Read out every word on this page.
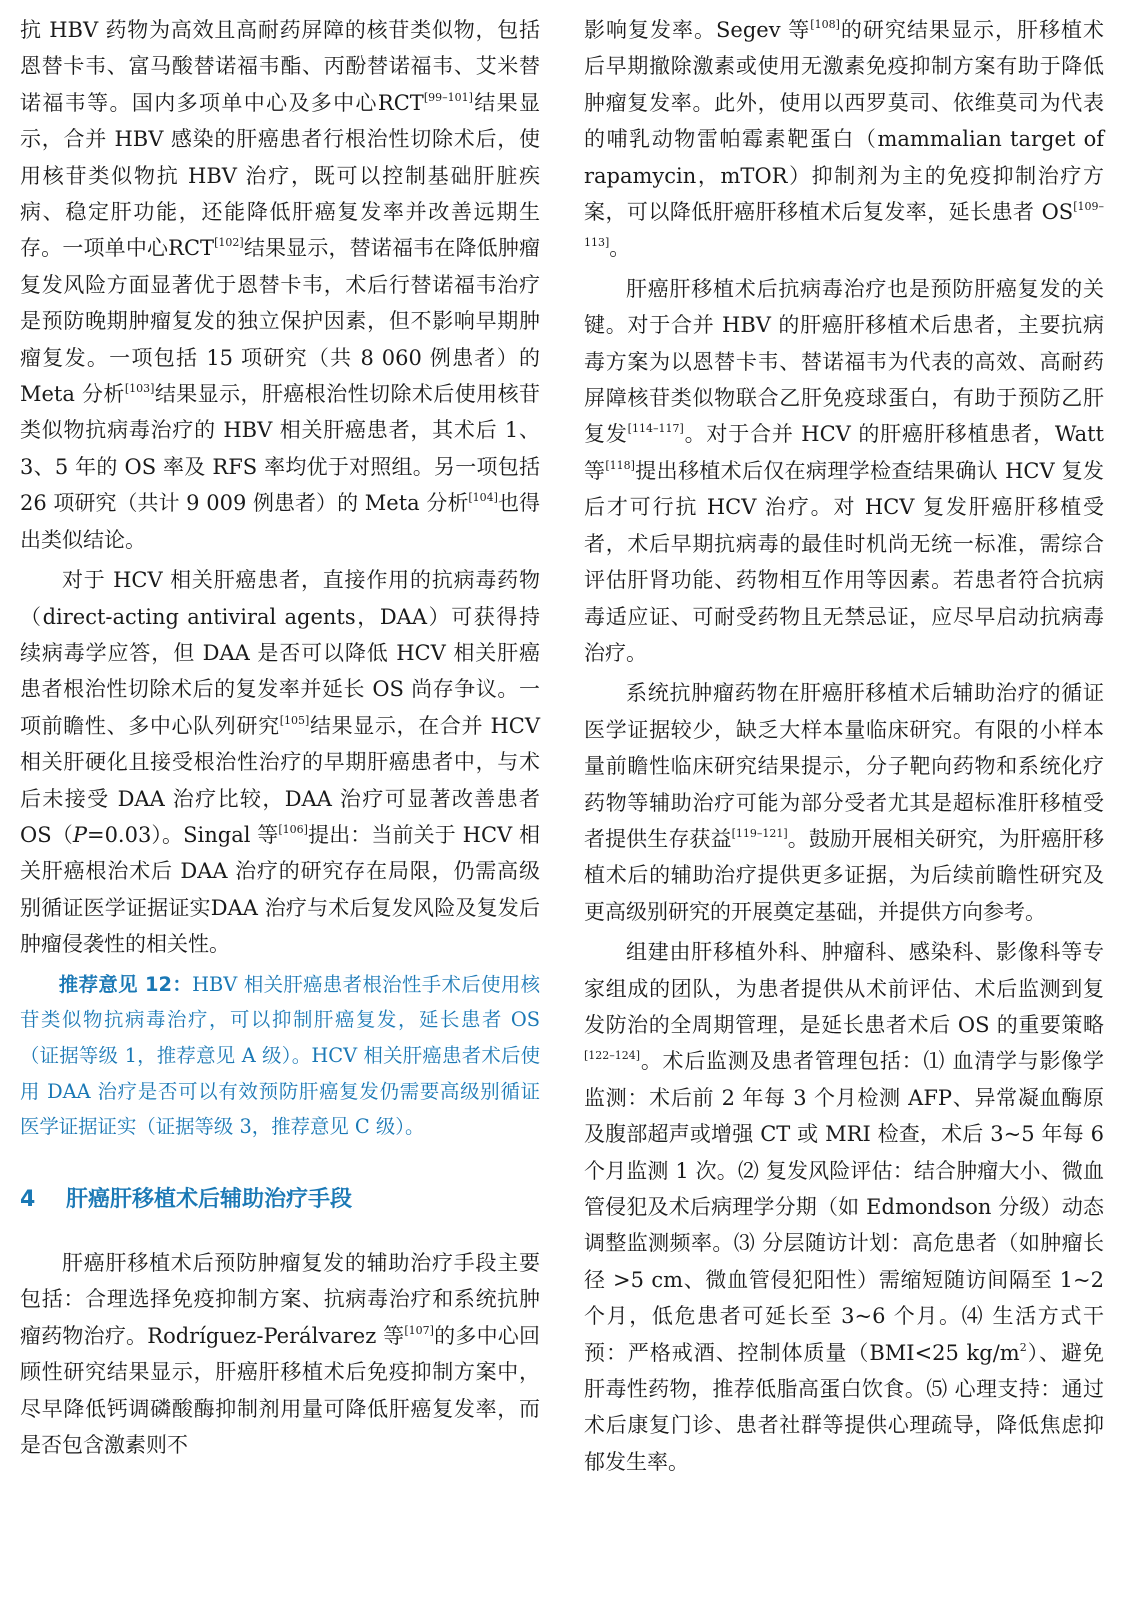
抗 HBV 药物为高效且高耐药屏障的核苷类似物，包括恩替卡韦、富马酸替诺福韦酯、丙酚替诺福韦、艾米替诺福韦等。国内多项单中心及多中心RCT[99–101]结果显示，合并 HBV 感染的肝癌患者行根治性切除术后，使用核苷类似物抗 HBV 治疗，既可以控制基础肝脏疾病、稳定肝功能，还能降低肝癌复发率并改善远期生存。一项单中心RCT[102]结果显示，替诺福韦在降低肿瘤复发风险方面显著优于恩替卡韦，术后行替诺福韦治疗是预防晚期肿瘤复发的独立保护因素，但不影响早期肿瘤复发。一项包括 15 项研究（共 8 060 例患者）的 Meta 分析[103]结果显示，肝癌根治性切除术后使用核苷类似物抗病毒治疗的 HBV 相关肝癌患者，其术后 1、3、5 年的 OS 率及 RFS 率均优于对照组。另一项包括 26 项研究（共计 9 009 例患者）的 Meta 分析[104]也得出类似结论。

对于 HCV 相关肝癌患者，直接作用的抗病毒药物（direct-acting antiviral agents，DAA）可获得持续病毒学应答，但 DAA 是否可以降低 HCV 相关肝癌患者根治性切除术后的复发率并延长 OS 尚存争议。一项前瞻性、多中心队列研究[105]结果显示，在合并 HCV 相关肝硬化且接受根治性治疗的早期肝癌患者中，与术后未接受 DAA 治疗比较，DAA 治疗可显著改善患者 OS（P=0.03）。Singal 等[106]提出：当前关于 HCV 相关肝癌根治术后 DAA 治疗的研究存在局限，仍需高级别循证医学证据证实DAA 治疗与术后复发风险及复发后肿瘤侵袭性的相关性。

推荐意见 12：HBV 相关肝癌患者根治性手术后使用核苷类似物抗病毒治疗，可以抑制肝癌复发，延长患者 OS（证据等级 1，推荐意见 A 级）。HCV 相关肝癌患者术后使用 DAA 治疗是否可以有效预防肝癌复发仍需要高级别循证医学证据证实（证据等级 3，推荐意见 C 级）。

4 肝癌肝移植术后辅助治疗手段

肝癌肝移植术后预防肿瘤复发的辅助治疗手段主要包括：合理选择免疫抑制方案、抗病毒治疗和系统抗肿瘤药物治疗。Rodríguez-Perálvarez 等[107]的多中心回顾性研究结果显示，肝癌肝移植术后免疫抑制方案中，尽早降低钙调磷酸酶抑制剂用量可降低肝癌复发率，而是否包含激素则不

影响复发率。Segev 等[108]的研究结果显示，肝移植术后早期撤除激素或使用无激素免疫抑制方案有助于降低肿瘤复发率。此外，使用以西罗莫司、依维莫司为代表的哺乳动物雷帕霉素靶蛋白（mammalian target of rapamycin，mTOR）抑制剂为主的免疫抑制治疗方案，可以降低肝癌肝移植术后复发率，延长患者 OS[109–113]。

肝癌肝移植术后抗病毒治疗也是预防肝癌复发的关键。对于合并 HBV 的肝癌肝移植术后患者，主要抗病毒方案为以恩替卡韦、替诺福韦为代表的高效、高耐药屏障核苷类似物联合乙肝免疫球蛋白，有助于预防乙肝复发[114–117]。对于合并 HCV 的肝癌肝移植患者，Watt 等[118]提出移植术后仅在病理学检查结果确认 HCV 复发后才可行抗 HCV 治疗。对 HCV 复发肝癌肝移植受者，术后早期抗病毒的最佳时机尚无统一标准，需综合评估肝肾功能、药物相互作用等因素。若患者符合抗病毒适应证、可耐受药物且无禁忌证，应尽早启动抗病毒治疗。

系统抗肿瘤药物在肝癌肝移植术后辅助治疗的循证医学证据较少，缺乏大样本量临床研究。有限的小样本量前瞻性临床研究结果提示，分子靶向药物和系统化疗药物等辅助治疗可能为部分受者尤其是超标准肝移植受者提供生存获益[119–121]。鼓励开展相关研究，为肝癌肝移植术后的辅助治疗提供更多证据，为后续前瞻性研究及更高级别研究的开展奠定基础，并提供方向参考。

组建由肝移植外科、肿瘤科、感染科、影像科等专家组成的团队，为患者提供从术前评估、术后监测到复发防治的全周期管理，是延长患者术后 OS 的重要策略[122–124]。术后监测及患者管理包括：⑴ 血清学与影像学监测：术后前 2 年每 3 个月检测 AFP、异常凝血酶原及腹部超声或增强 CT 或 MRI 检查，术后 3~5 年每 6 个月监测 1 次。⑵ 复发风险评估：结合肿瘤大小、微血管侵犯及术后病理学分期（如 Edmondson 分级）动态调整监测频率。⑶ 分层随访计划：高危患者（如肿瘤长径 >5 cm、微血管侵犯阳性）需缩短随访间隔至 1~2 个月，低危患者可延长至 3~6 个月。⑷ 生活方式干预：严格戒酒、控制体质量（BMI<25 kg/m$^2$）、避免肝毒性药物，推荐低脂高蛋白饮食。⑸ 心理支持：通过术后康复门诊、患者社群等提供心理疏导，降低焦虑抑郁发生率。
